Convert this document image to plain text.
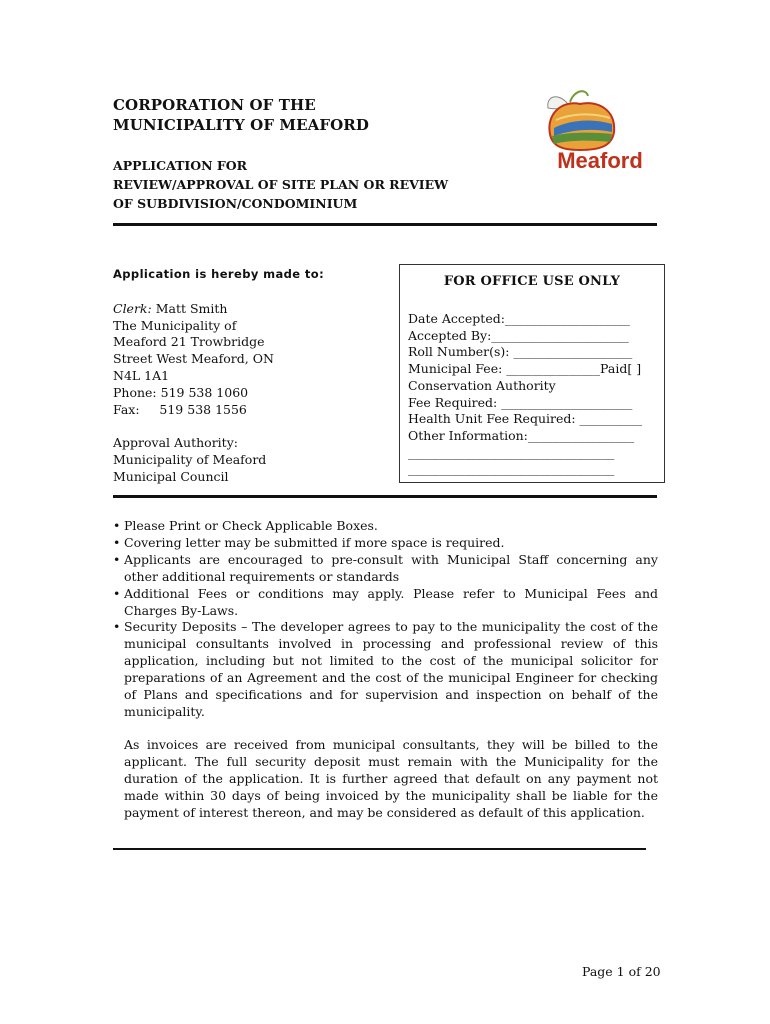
CORPORATION OF THE
MUNICIPALITY OF MEAFORD
APPLICATION FOR
REVIEW/APPROVAL OF SITE PLAN OR REVIEW
OF SUBDIVISION/CONDOMINIUM
Meaford
Application is hereby made to:
Clerk: Matt Smith
The Municipality of
Meaford 21 Trowbridge
Street West Meaford, ON
N4L 1A1
Phone: 519 538 1060
Fax:     519 538 1556
Approval Authority:
Municipality of Meaford
Municipal Council
FOR OFFICE USE ONLY
Date Accepted:____________________
Accepted By:______________________
Roll Number(s): ___________________
Municipal Fee: _______________Paid[ ]
Conservation Authority
Fee Required: _____________________
Health Unit Fee Required: __________
Other Information:_________________
_________________________________
_________________________________
• Please Print or Check Applicable Boxes.
• Covering letter may be submitted if more space is required.
• Applicants are encouraged to pre-consult with Municipal Staff concerning any other additional requirements or standards
• Additional Fees or conditions may apply. Please refer to Municipal Fees and Charges By-Laws.
• Security Deposits – The developer agrees to pay to the municipality the cost of the municipal consultants involved in processing and professional review of this application, including but not limited to the cost of the municipal solicitor for preparations of an Agreement and the cost of the municipal Engineer for checking of Plans and specifications and for supervision and inspection on behalf of the municipality.
As invoices are received from municipal consultants, they will be billed to the applicant. The full security deposit must remain with the Municipality for the duration of the application. It is further agreed that default on any payment not made within 30 days of being invoiced by the municipality shall be liable for the payment of interest thereon, and may be considered as default of this application.
Page 1 of 20
